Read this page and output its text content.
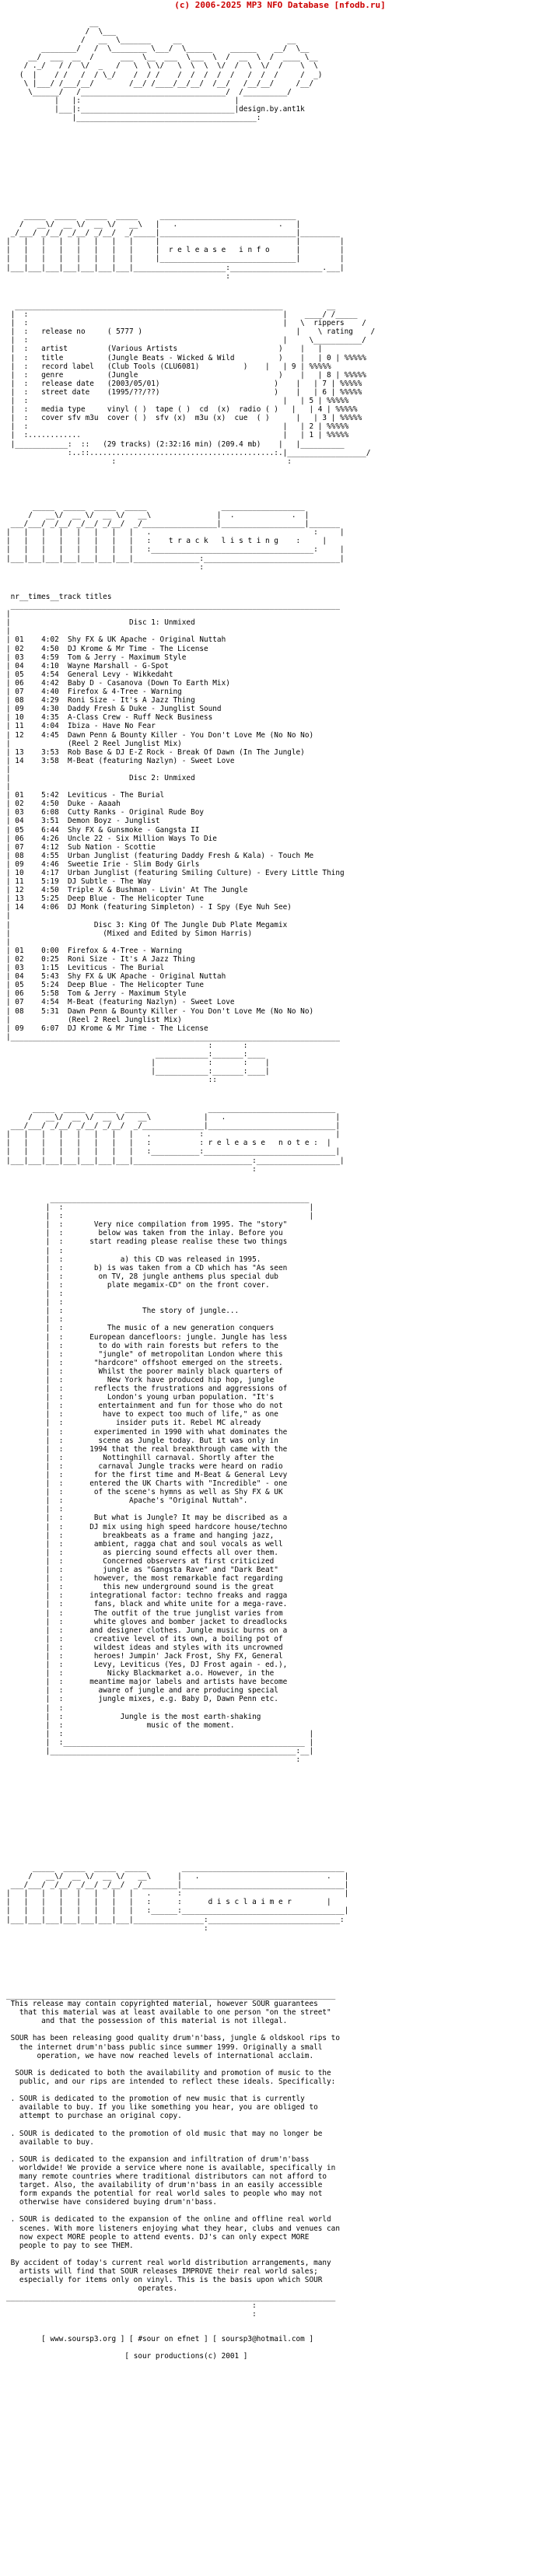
(c) 2006-2025 MP3 NFO Database [nfodb.ru]
__
/  \___
/   __  \_______     __                        __
________/   /  \________ \___/  \______    ______    __/  \__
__/  ___  __  /      ___  \__  ___  \___  \  /  __  \  /  ____ \__
/ ._/   / /  \/  _   /   \  \ \/   \  \  \  \/  /  \  \/  /    \  \
(  |    / /   /  / \_/    /  / /    /  /  /  /  /   /  /  /     /  _)
\ |___/ /___/__/        /__/ /____/__/__/  /__/   /__/__/     /__/
\______/   /_________________________________/  /__________/
|   |:                                   |
|___|:___________________________________|design.by.ant1k
|_________________________________________:
_____  _____  _____  _____     _______________________________
/   __\/  __ \/  __ \/   __\   |   .                       .   |
_/___/ _/__/ _/__/ _/__/  _/_____|_______________________________|_________
|   |   |   |   |   |   |   |     |                               |         |
|   |   |   |   |   |   |   |     |  r e l e a s e   i n f o	|         |
|   |   |   |   |   |   |   |     |_______________________________|         |
|___|___|___|___|___|___|___|_____________________:_____________________.___|
:
_____________________________________________________________          __
|  :                                                          |    ____/ /_____
|  :                                                          |   \  rippers    /
|  :   release no	( 5777 )                                   |    \ rating    /
|  :                                                          |     \___________/
|  :   artist	(Various Artists	)    |   |
|  :   title	(Jungle Beats - Wicked & Wild          )    |   | 0 | %%%%%
|  :   record label   (Club Tools (CLU6081)          )    |   | 9 | %%%%%
|  :   genre	(Jungle                                )    |   | 8 | %%%%%
|  :   release date   (2003/05/01)                          )    |   | 7 | %%%%%
|  :   street date    (1995/??/??)                          )    |   | 6 | %%%%%
|  :                                                          |   | 5 | %%%%%
|  :   media type	vinyl ( )  tape ( )  cd  (x)  radio ( )   |   | 4 | %%%%%
|  :   cover sfv m3u  cover ( )  sfv (x)  m3u (x)  cue  ( )      |   | 3 | %%%%%
|  :                                                          |   | 2 | %%%%%
|  :............                                              |   | 1 | %%%%%
|____________:  ::   (29 tracks) (2:32:16 min) (209.4 mb)    |   |__________
:..::..........................................:.|__________________/
:                                       :
_____  _____  _____  _____                 ___________________
/   __\/  __ \/  __ \/   __\               |  .             .  |
___/___/ _/__/ _/__/ _/__/  _/_________________|___________________|_______
|   |   |   |   |   |   |   |   .                                     :     |
|   |   |   |   |   |   |   |   :    t r a c k   l i s t i n g    :     |
|   |   |   |   |   |   |   |   :_____________________________________:     |
|___|___|___|___|___|___|___|_______________:_______________________________|
:
nr__times__track titles
___________________________________________________________________________
|
|	Disc 1: Unmixed
|
| 01    4:02  Shy FX & UK Apache - Original Nuttah
| 02    4:50  DJ Krome & Mr Time - The License
| 03    4:59  Tom & Jerry - Maximum Style
| 04    4:10  Wayne Marshall - G-Spot
| 05    4:54  General Levy - Wikkedaht
| 06    4:42  Baby D - Casanova (Down To Earth Mix)
| 07    4:40  Firefox & 4-Tree - Warning
| 08    4:29  Roni Size - It's A Jazz Thing
| 09    4:30  Daddy Fresh & Duke - Junglist Sound
| 10    4:35  A-Class Crew - Ruff Neck Business
| 11    4:04  Ibiza - Have No Fear
| 12    4:45  Dawn Penn & Bounty Killer - You Don't Love Me (No No No)
|             (Reel 2 Reel Junglist Mix)
| 13    3:53  Rob Base & DJ E-Z Rock - Break Of Dawn (In The Jungle)
| 14    3:58  M-Beat (featuring Nazlyn) - Sweet Love
|
|	Disc 2: Unmixed
|
| 01    5:42  Leviticus - The Burial
| 02    4:50  Duke - Aaaah
| 03    6:08  Cutty Ranks - Original Rude Boy
| 04    3:51  Demon Boyz - Junglist
| 05    6:44  Shy FX & Gunsmoke - Gangsta II
| 06    4:26  Uncle 22 - Six Million Ways To Die
| 07    4:12  Sub Nation - Scottie
| 08    4:55  Urban Junglist (featuring Daddy Fresh & Kala) - Touch Me
| 09    4:46  Sweetie Irie - Slim Body Girls
| 10    4:17  Urban Junglist (featuring Smiling Culture) - Every Little Thing
| 11    5:19  DJ Subtle - The Way
| 12    4:50  Triple X & Bushman - Livin' At The Jungle
| 13    5:25  Deep Blue - The Helicopter Tune
| 14    4:06  DJ Monk (featuring Simpleton) - I Spy (Eye Nuh See)
|
|	Disc 3: King Of The Jungle Dub Plate Megamix
|	(Mixed and Edited by Simon Harris)
|
| 01    0:00  Firefox & 4-Tree - Warning
| 02    0:25  Roni Size - It's A Jazz Thing
| 03    1:15  Leviticus - The Burial
| 04    5:43  Shy FX & UK Apache - Original Nuttah
| 05    5:24  Deep Blue - The Helicopter Tune
| 06    5:58  Tom & Jerry - Maximum Style
| 07    4:54  M-Beat (featuring Nazlyn) - Sweet Love
| 08    5:31  Dawn Penn & Bounty Killer - You Don't Love Me (No No No)
|             (Reel 2 Reel Junglist Mix)
| 09    6:07  DJ Krome & Mr Time - The License
|___________________________________________________________________________
:       :
____________:_______:____
|            :       :    |
|____________:_______:____|
::
_____  _____  _____  _____              _____________________________
/   __\/  __ \/  __ \/   __\            |   .                         |
___/___/ _/__/ _/__/ _/__/  _/______________|_____________________________|
|   |   |   |   |   |   |   |   .           :                              |
|   |   |   |   |   |   |   |   :           : r e l e a s e   n o t e :  |
|   |   |   |   |   |   |   |   :___________:______________________________|
|___|___|___|___|___|___|___|___________________________:___________________|
:
___________________________________________________________
|  :                                                        |
|  :                                                        |
|  :       Very nice compilation from 1995. The "story"
|  :        below was taken from the inlay. Before you
|  :      start reading please realise these two things
|  :
|  :             a) this CD was released in 1995.
|  :       b) is was taken from a CD which has "As seen
|  :        on TV, 28 jungle anthems plus special dub
|  :          plate megamix-CD" on the front cover.
|  :
|  :
|  :                  The story of jungle...
|  :
|  :          The music of a new generation conquers
|  :      European dancefloors: jungle. Jungle has less
|  :        to do with rain forests but refers to the
|  :        "jungle" of metropolitan London where this
|  :       "hardcore" offshoot emerged on the streets.
|  :        Whilst the poorer mainly black quarters of
|  :          New York have produced hip hop, jungle
|  :       reflects the frustrations and aggressions of
|  :          London's young urban population. "It's
|  :        entertainment and fun for those who do not
|  :         have to expect too much of life," as one
|  :            insider puts it. Rebel MC already
|  :       experimented in 1990 with what dominates the
|  :        scene as Jungle today. But it was only in
|  :      1994 that the real breakthrough came with the
|  :         Nottinghill carnaval. Shortly after the
|  :        carnaval Jungle tracks were heard on radio
|  :       for the first time and M-Beat & General Levy
|  :      entered the UK Charts with "Incredible" - one
|  :       of the scene's hymns as well as Shy FX & UK
|  :               Apache's "Original Nuttah".
|  :
|  :       But what is Jungle? It may be discribed as a
|  :      DJ mix using high speed hardcore house/techno
|  :         breakbeats as a frame and hanging jazz,
|  :       ambient, ragga chat and soul vocals as well
|  :         as piercing sound effects all over them.
|  :         Concerned observers at first criticized
|  :         jungle as "Gangsta Rave" and "Dark Beat"
|  :       however, the most remarkable fact regarding
|  :         this new underground sound is the great
|  :      integrational factor: techno freaks and ragga
|  :       fans, black and white unite for a mega-rave.
|  :       The outfit of the true junglist varies from
|  :       white gloves and bomber jacket to dreadlocks
|  :      and designer clothes. Jungle music burns on a
|  :       creative level of its own, a boiling pot of
|  :       wildest ideas and styles with its uncrowned
|  :       heroes! Jumpin' Jack Frost, Shy FX, General
|  :       Levy, Leviticus (Yes, DJ Frost again - ed.),
|  :          Nicky Blackmarket a.o. However, in the
|  :      meantime major labels and artists have become
|  :        aware of jungle and are producing special
|  :        jungle mixes, e.g. Baby D, Dawn Penn etc.
|  :
|  :             Jungle is the most earth-shaking
|  :                   music of the moment.
|  :                                                        |
|  :_______________________________________________________ |
|________________________________________________________:__|
:
_____  _____  _____  _____        _____________________________________
/   __\/  __ \/  __ \/   __\      |   .                             .   |
___/___/ _/__/ _/__/ _/__/  _/________|_____________________________________|
|   |   |   |   |   |   |   |   .      :                                     |
|   |   |   |   |   |   |   |   :      :	d i s c l a i m e r	|
|   |   |   |   |   |   |   |   :______:_____________________________________|
|___|___|___|___|___|___|___|________________:______________________________:
:
___________________________________________________________________________
This release may contain copyrighted material, however SOUR guarantees
that this material was at least available to one person "on the street"
and that the possession of this material is not illegal.

SOUR has been releasing good quality drum'n'bass, jungle & oldskool rips to
the internet drum'n'bass public since summer 1999. Originally a small
operation, we have now reached levels of international acclaim.

SOUR is dedicated to both the availability and promotion of music to the
public, and our rips are intended to reflect these ideals. Specifically:

. SOUR is dedicated to the promotion of new music that is currently
available to buy. If you like something you hear, you are obliged to
attempt to purchase an original copy.

. SOUR is dedicated to the promotion of old music that may no longer be
available to buy.

. SOUR is dedicated to the expansion and infiltration of drum'n'bass
worldwide! We provide a service where none is available, specifically in
many remote countries where traditional distributors can not afford to
target. Also, the availability of drum'n'bass in an easily accessible
form expands the potential for real world sales to people who may not
otherwise have considered buying drum'n'bass.

. SOUR is dedicated to the expansion of the online and offline real world
scenes. With more listeners enjoying what they hear, clubs and venues can
now expect MORE people to attend events. DJ's can only expect MORE
people to pay to see THEM.

By accident of today's current real world distribution arrangements, many
artists will find that SOUR releases IMPROVE their real world sales;
especially for items only on vinyl. This is the basis upon which SOUR
operates.
___________________________________________________________________________
:
:
[ www.soursp3.org ] [ #sour on efnet ] [ soursp3@hotmail.com ]

[ sour productions(c) 2001 ]
